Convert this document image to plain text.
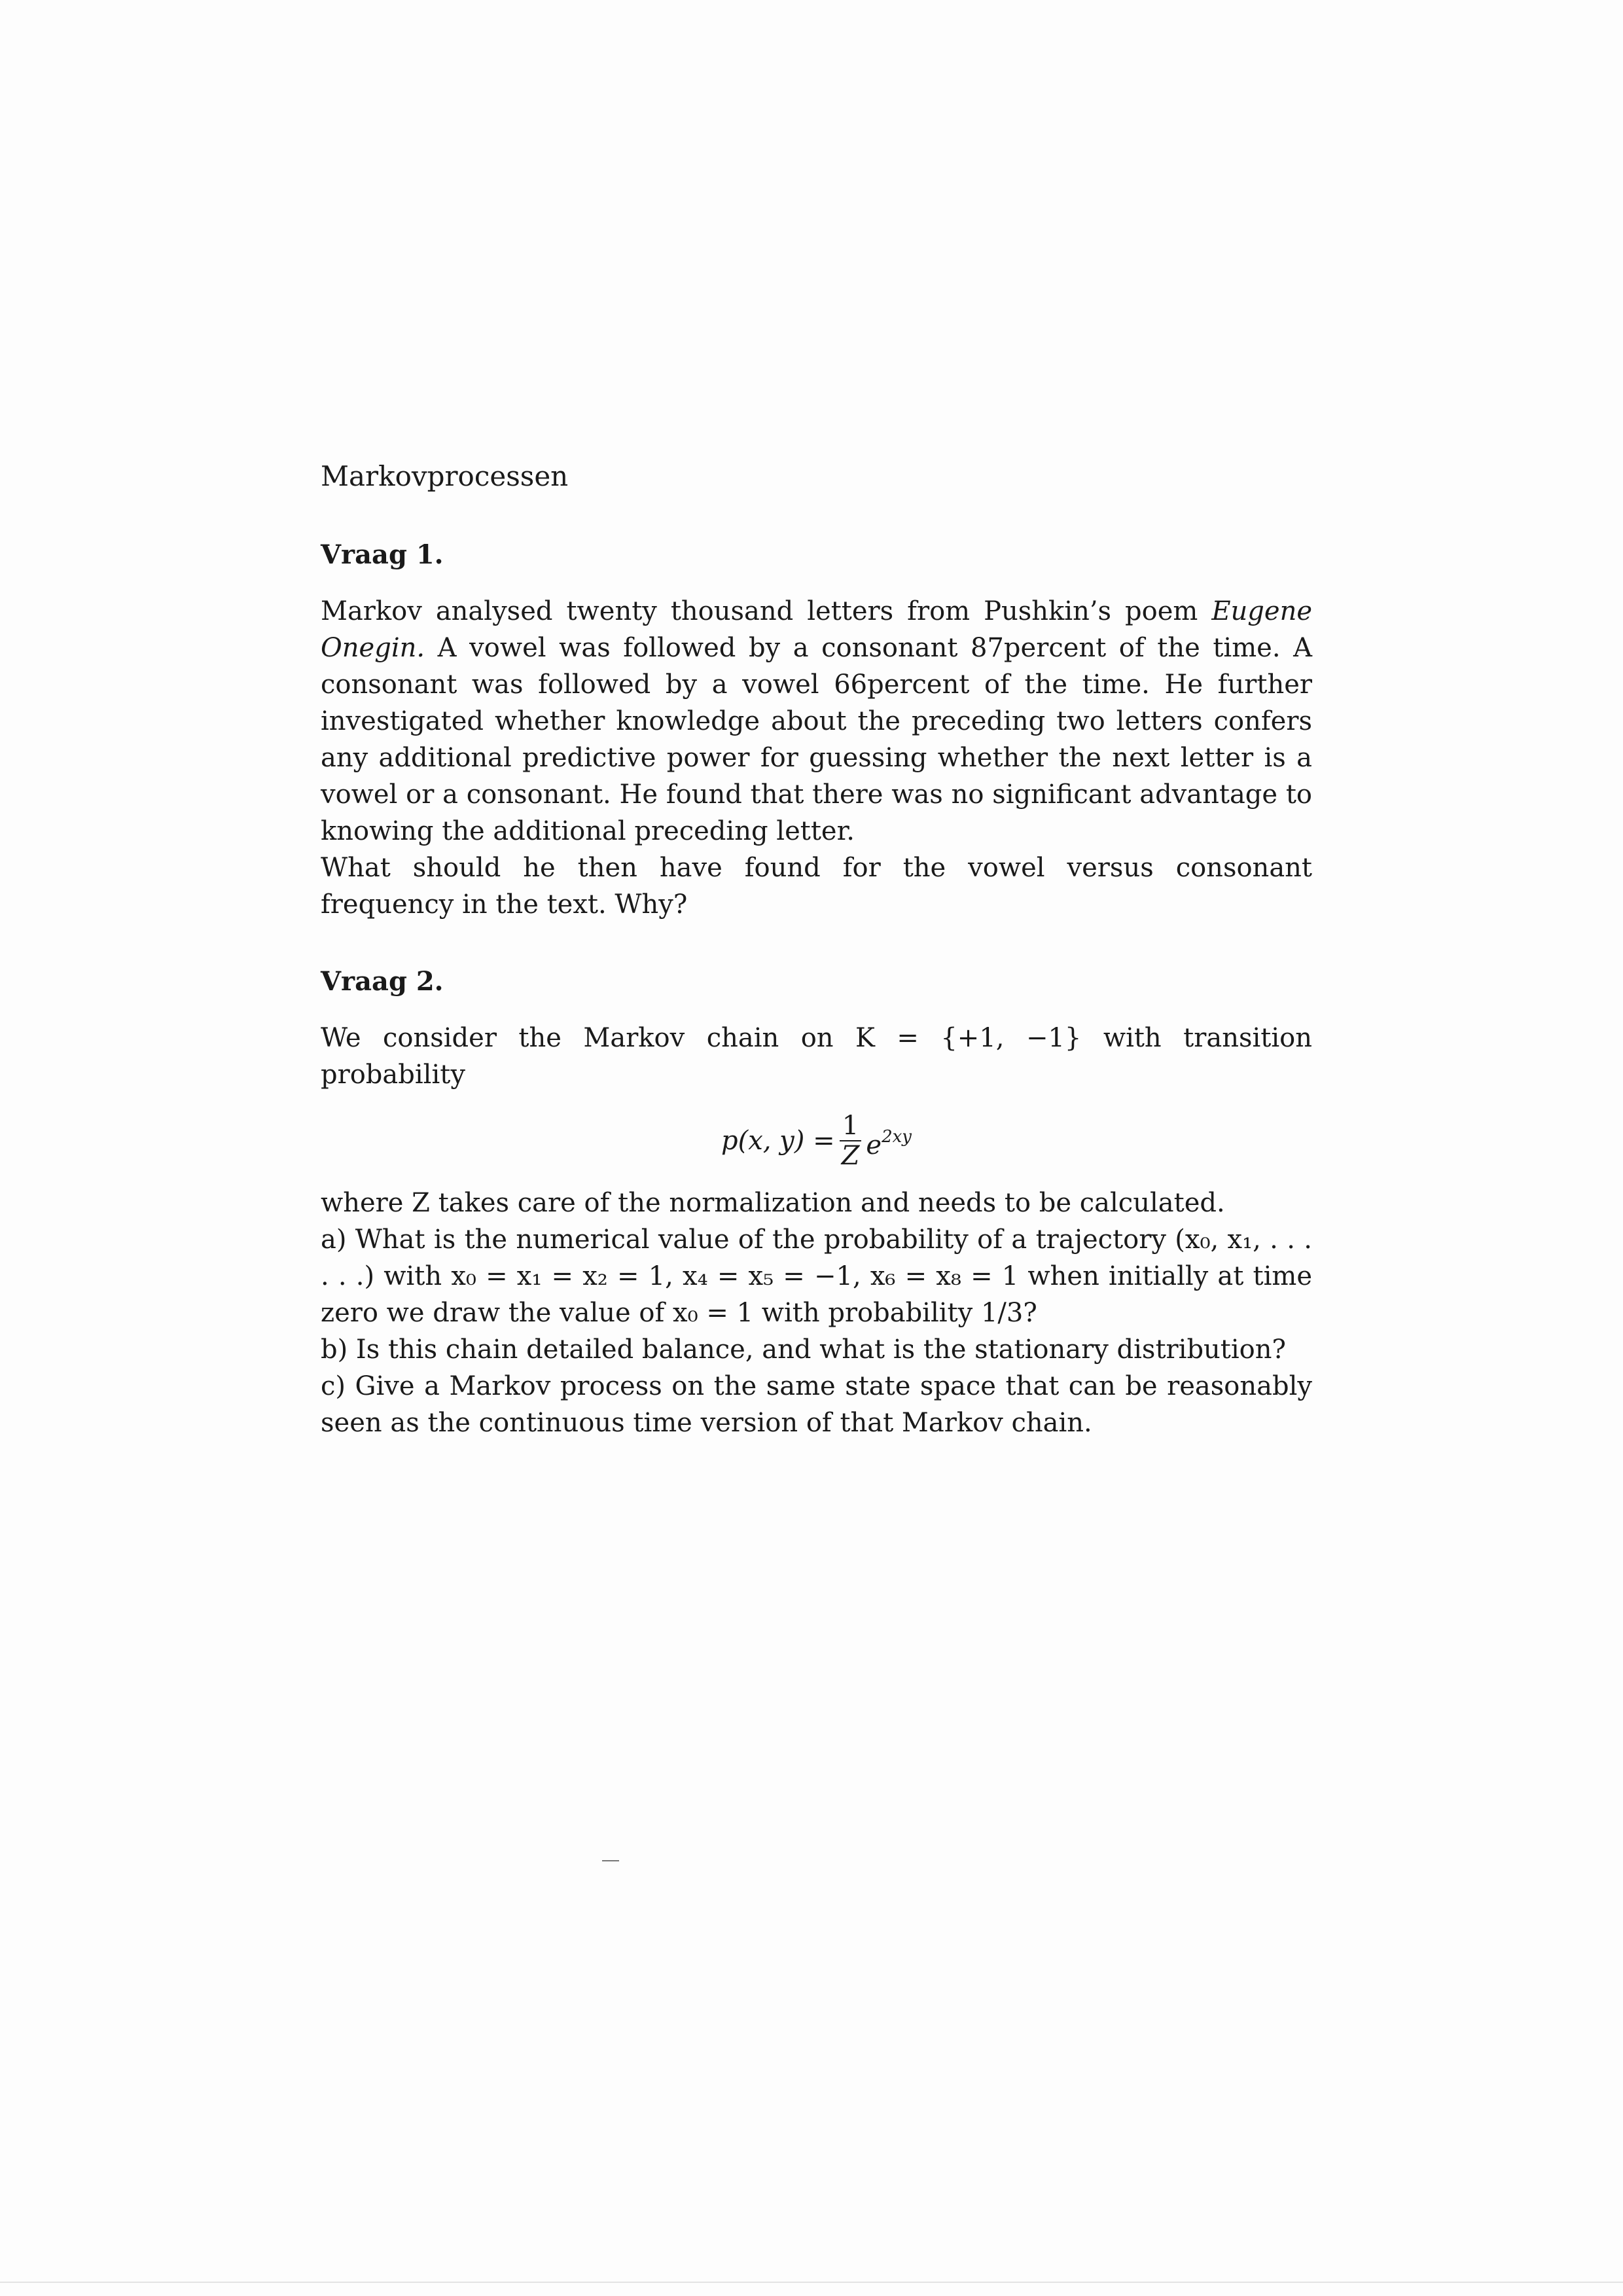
Markovprocessen
Vraag 1.

Markov analysed twenty thousand letters from Pushkin’s poem Eugene Onegin. A vowel was followed by a consonant 87percent of the time. A consonant was followed by a vowel 66percent of the time. He further investigated whether knowledge about the preceding two letters confers any additional predictive power for guessing whether the next letter is a vowel or a consonant. He found that there was no significant advantage to knowing the additional preceding letter.

What should he then have found for the vowel versus consonant frequency in the text. Why?

Vraag 2.

We consider the Markov chain on K = {+1, −1} with transition probability

p(x, $y) = \frac{1}{Z} e^{2xy}$

where Z takes care of the normalization and needs to be calculated.

a) What is the numerical value of the probability of a trajectory (x₀, x₁, . . . . . .) with x₀ = x₁ = x₂ = 1, x₄ = x₅ = −1, x₆ = x₈ = 1 when initially at time zero we draw the value of x₀ = 1 with probability 1/3?

b) Is this chain detailed balance, and what is the stationary distribution?

c) Give a Markov process on the same state space that can be reasonably seen as the continuous time version of that Markov chain.
